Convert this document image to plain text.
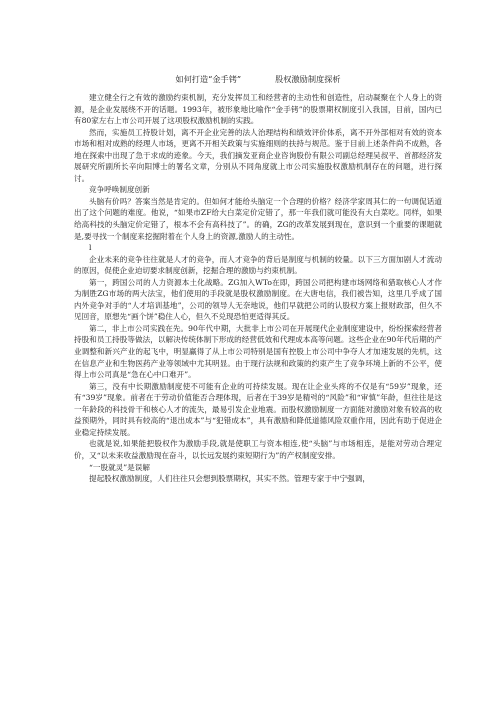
如何打造“金手铐”	股权激励制度探析

建立健全行之有效的激励约束机制，充分发挥员工和经营者的主动性和创造性，启动凝聚在个人身上的资源，是企业发展绕不开的话题。1993年，被形象地比喻作“金手铐”的股票期权制度引入我国，目前，国内已有80家左右上市公司开展了这项股权激励机制的实践。

然而，实施员工持股计划，离不开企业完善的法人治理结构和绩效评价体系，离不开外部相对有效的资本市场和相对成熟的经理人市场，更离不开相关政策与实施细则的扶持与规范。鉴于目前上述条件尚不成熟，各地在探索中出现了急于求成的迹象。今天，我们摘发亚商企业咨询股份有限公司副总经理吴叔平、首都经济发展研究所副所长辛向阳博士的署名文章，分别从不同角度就上市公司实施股权激励机制存在的问题，进行探讨。

竞争呼唤制度创新

头脑有价吗？答案当然是肯定的。但如何才能给头脑定一个合理的价格？经济学家周其仁的一句调侃话道出了这个问题的难度。他说，“如果市ZF给大白菜定价定错了，那一年我们就可能没有大白菜吃。同样，如果给高科技的头脑定价定错了，根本不会有高科技了”。的确，ZG的改革发展到现在，意识到一个重要的课题就是,要寻找一个制度来挖掘附着在个人身上的资源,激励人的主动性。

l

企业未来的竞争往往就是人才的竞争，而人才竞争的背后是制度与机制的较量。以下三方面加剧人才流动的原因，促使企业迫切要求制度创新，挖掘合理的激励与约束机制。

第一，跨国公司的人力资源本土化战略。ZG加入WTo在即，跨国公司把构建市场网络和猎取核心人才作为制胜ZG市场的两大法宝，他们使用的手段就是股权激励制度。在大唐电信，我们被告知，这里几乎成了国内外竞争对手的“人才培训基地”，公司的领导人无奈地说，他们早就把公司的认股权方案上报财政部，但久不见回音，原想先“画个饼”稳住人心，但久不兑现恐怕更适得其反。

第二，非上市公司实践在先。90年代中期，大批非上市公司在开展现代企业制度建设中，纷纷探索经营者持股和员工持股等做法，以解决传统体制下形成的经营低效和代理成本高等问题。这些企业在90年代后期的产业调整和新兴产业的起飞中，明显赢得了从上市公司特别是国有控股上市公司中争夺人才加速发展的先机，这在信息产业和生物医药产业等领域中尤其明显。由于现行法规和政策的约束产生了竞争环境上新的不公平，使得上市公司真是“急在心中口难开”。

第三，没有中长期激励制度使不可能有企业的可持续发展。现在让企业头疼的不仅是有“59岁”现象，还有“39岁”现象。前者在于劳动价值能否合理体现，后者在于39岁是精력的“风险”和“审慎”年龄，但往往是这一年龄段的科技骨干和核心人才的流失，最易引发企业地震。而股权激励制度一方面能对激励对象有较高的收益预期外，同时具有较高的“退出成本”与“犯错成本”，具有激励和降低道德风险双重作用，因此有助于促进企业稳定持续发展。

也就是说,如果能把股权作为激励手段,就是使职工与资本相连,使“头脑”与市场相连，是能对劳动合理定价，又“以未来收益激励现在奋斗，以长远发展约束短期行为”的产权制度安排。

“一股就灵”是误解

提起股权激励制度，人们往往只会想到股票期权，其实不然。管理专家于中宁强调，
